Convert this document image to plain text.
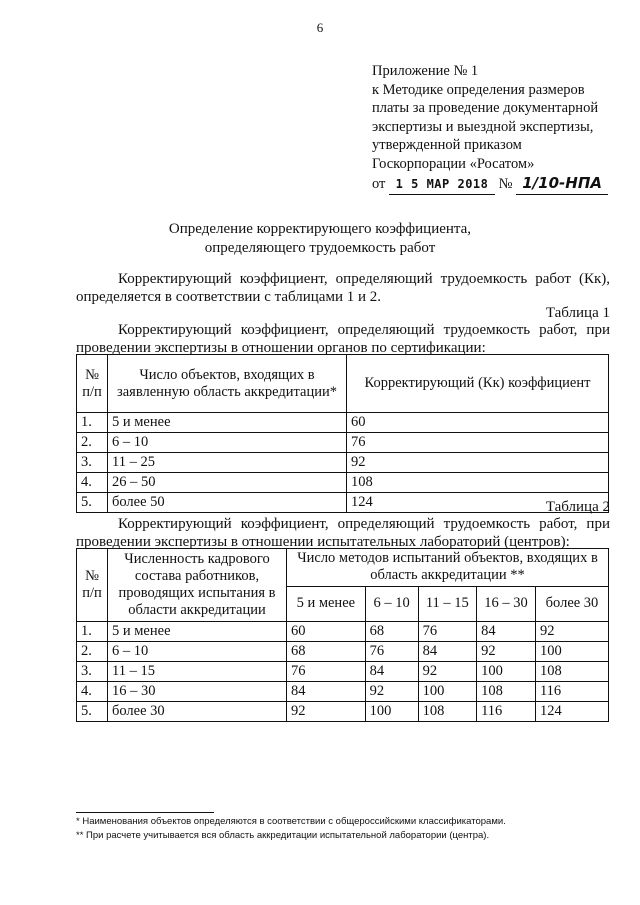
6
Приложение № 1
к Методике определения размеров
платы за проведение документарной
экспертизы и выездной экспертизы,
утвержденной приказом
Госкорпорации «Росатом»
от 1 5 МАР 2018 № 1/10-НПА
Определение корректирующего коэффициента,
определяющего трудоемкость работ
Корректирующий коэффициент, определяющий трудоемкость работ (Кк), определяется в соответствии с таблицами 1 и 2.
Таблица 1
Корректирующий коэффициент, определяющий трудоемкость работ, при проведении экспертизы в отношении органов по сертификации:
№ п/п	Число объектов, входящих в заявленную область аккредитации*	Корректирующий (Кк) коэффициент
1.	5 и менее	60
2.	6 – 10	76
3.	11 – 25	92
4.	26 – 50	108
5.	более 50	124	Таблица 2
Корректирующий коэффициент, определяющий трудоемкость работ, при проведении экспертизы в отношении испытательных лабораторий (центров):
№ п/п	Численность кадрового состава работников, проводящих испытания в области аккредитации	Число методов испытаний объектов, входящих в область аккредитации **				
		5 и менее	6 – 10	11 – 15	16 – 30	более 30
1.	5 и менее	60	68	76	84	92
2.	6 – 10	68	76	84	92	100
3.	11 – 15	76	84	92	100	108
4.	16 – 30	84	92	100	108	116
5.	более 30	92	100	108	116	124
* Наименования объектов определяются в соответствии с общероссийскими классификаторами.
** При расчете учитывается вся область аккредитации испытательной лаборатории (центра).
